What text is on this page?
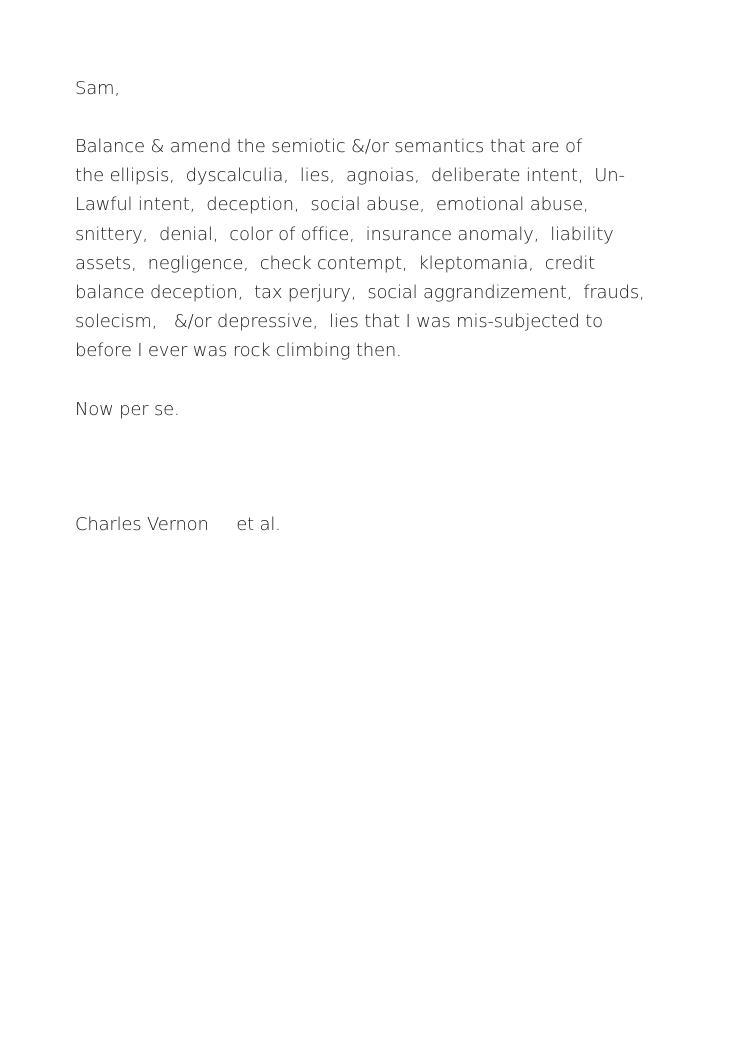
Sam,

Balance & amend the semiotic &/or semantics that are of
the ellipsis,  dyscalculia,  lies,  agnoias,  deliberate intent,  Un-
Lawful intent,  deception,  social abuse,  emotional abuse,
snittery,  denial,  color of office,  insurance anomaly,  liability
assets,  negligence,  check contempt,  kleptomania,  credit
balance deception,  tax perjury,  social aggrandizement,  frauds,
solecism,   &/or depressive,  lies that I was mis-subjected to
before I ever was rock climbing then.

Now per se.

Charles Vernon et al.
